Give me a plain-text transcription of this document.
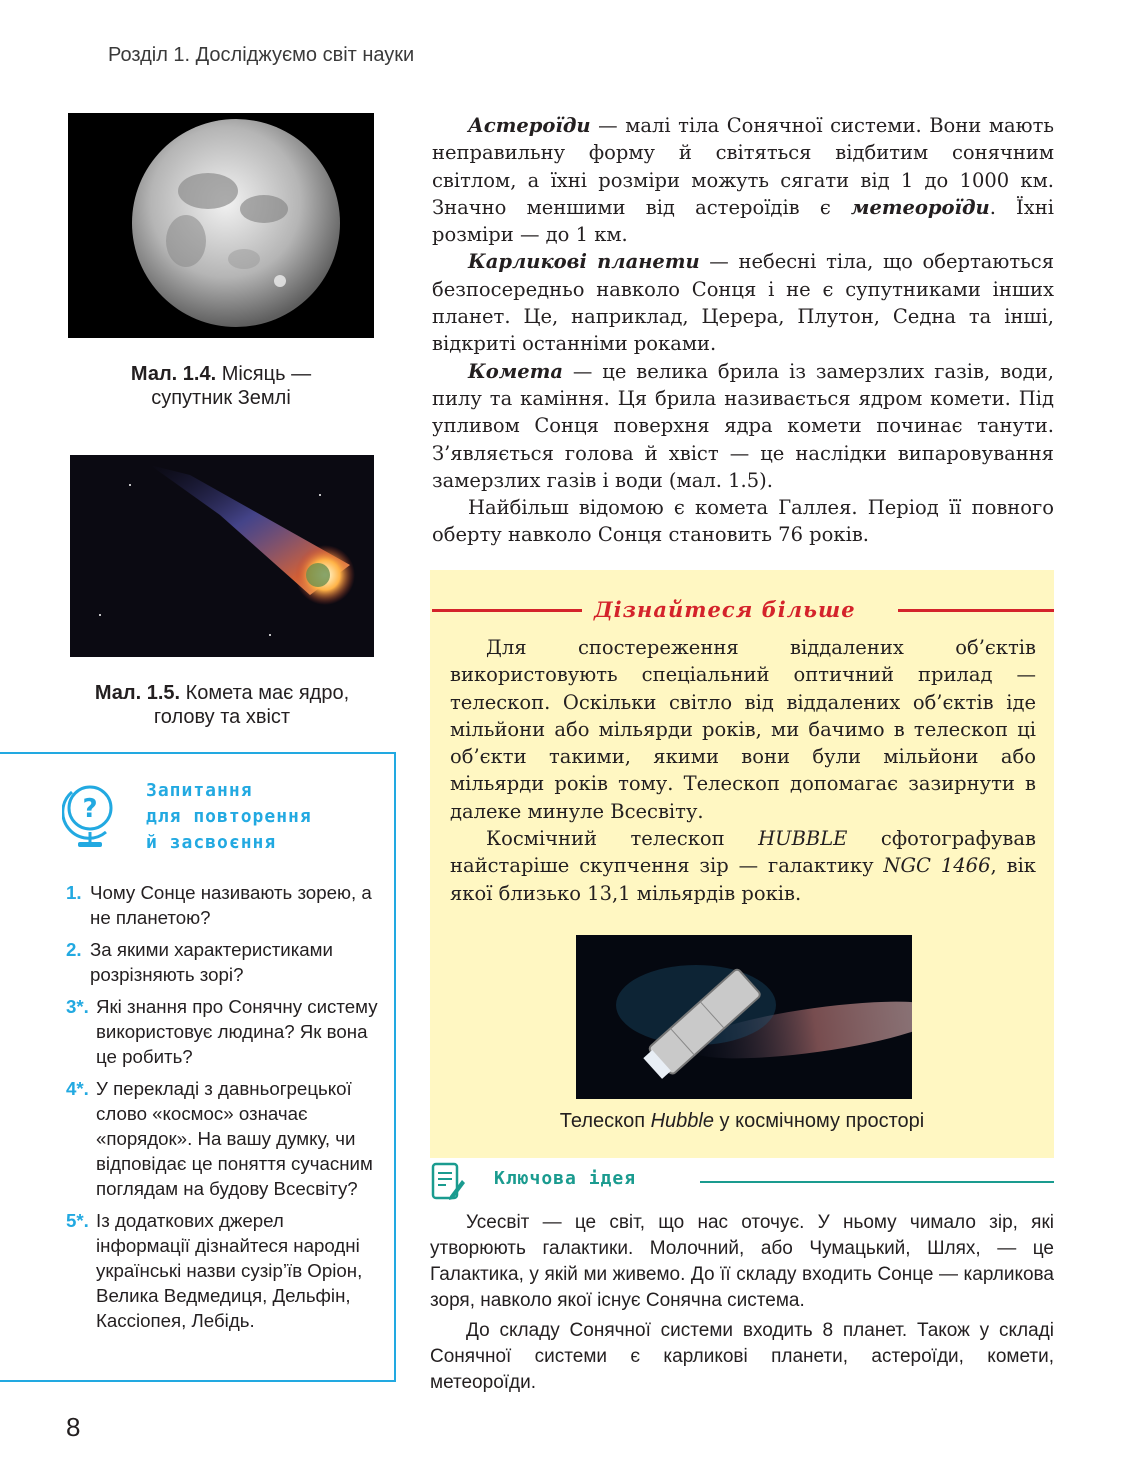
Розділ 1. Досліджуємо світ науки
Мал. 1.4. Місяць —
супутник Землі
Мал. 1.5. Комета має ядро,
голову та хвіст

Астероїди — малі тіла Сонячної системи. Вони мають неправильну форму й світяться відбитим сонячним світлом, а їхні розміри можуть сягати від 1 до 1000 км. Значно меншими від астероїдів є метеороїди. Їхні розміри — до 1 км.

Карликові планети — небесні тіла, що обертаються безпосередньо навколо Сонця і не є супутниками інших планет. Це, наприклад, Церера, Плутон, Седна та інші, відкриті останніми роками.

Комета — це велика брила із замерзлих газів, води, пилу та каміння. Ця брила називається ядром комети. Під упливом Сонця поверхня ядра комети починає танути. З’являється голова й хвіст — це наслідки випаровування замерзлих газів і води (мал. 1.5).

Найбільш відомою є комета Галлея. Період її повного оберту навколо Сонця становить 76 років.

Дізнайтеся більше

Для спостереження віддалених об’єктів використовують спеціальний оптичний прилад — телескоп. Оскільки світло від віддалених об’єктів іде мільйони або мільярди років, ми бачимо в телескоп ці об’єкти такими, якими вони були мільйони або мільярди років тому. Телескоп допомагає зазирнути в далеке минуле Всесвіту.

Космічний телескоп HUBBLE сфотографував найстаріше скупчення зір — галактику NGC 1466, вік якої близько 13,1 мільярдів років.

Телескоп Hubble у космічному просторі
?
Запитання
для повторення
й засвоєння
1. Чому Сонце називають зорею, а не планетою?
2. За якими характеристиками розрізняють зорі?
3*. Які знання про Сонячну систему використовує людина? Як вона це робить?
4*. У перекладі з давньогрецької слово «космос» означає «порядок». На вашу думку, чи відповідає це поняття сучасним поглядам на будову Всесвіту?
5*. Із додаткових джерел інформації дізнайтеся народні українські назви сузір’їв Оріон, Велика Ведмедиця, Дельфін, Кассіопея, Лебідь.
Ключова ідея

Усесвіт — це світ, що нас оточує. У ньому чимало зір, які утворюють галактики. Молочний, або Чумацький, Шлях, — це Галактика, у якій ми живемо. До її складу входить Сонце — карликова зоря, навколо якої існує Сонячна система.

До складу Сонячної системи входить 8 планет. Також у складі Сонячної системи є карликові планети, астероїди, комети, метеороїди.

8
